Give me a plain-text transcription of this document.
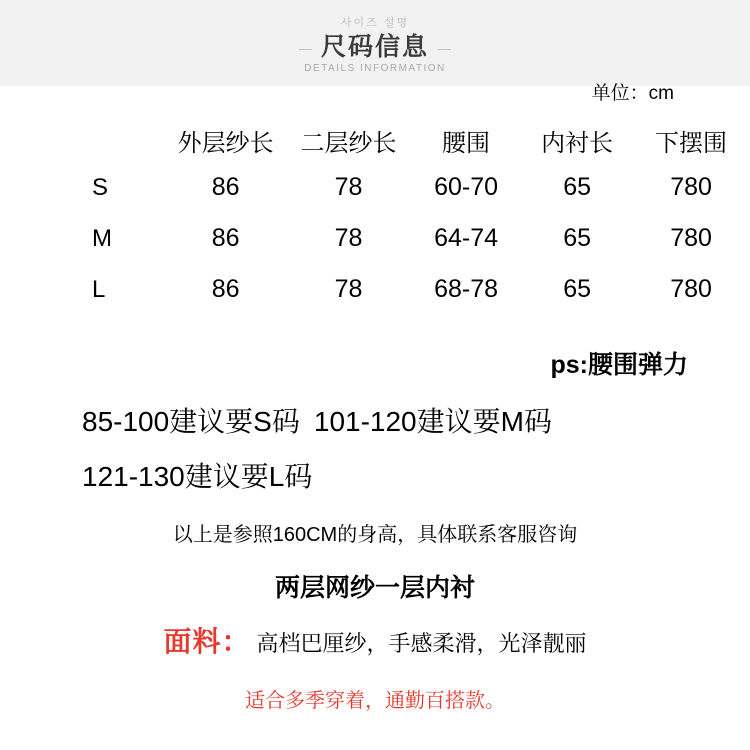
사이즈 설명
尺码信息
DETAILS INFORMATION
单位：cm
	外层纱长	二层纱长	腰围	内衬长	下摆围
S	86	78	60-70	65	780
M	86	78	64-74	65	780
L	86	78	68-78	65	780
ps:腰围弹力
85-100建议要S码 101-120建议要M码
121-130建议要L码
以上是参照160CM的身高，具体联系客服咨询
两层网纱一层内衬
面料： 高档巴厘纱，手感柔滑，光泽靓丽
适合多季穿着，通勤百搭款。
